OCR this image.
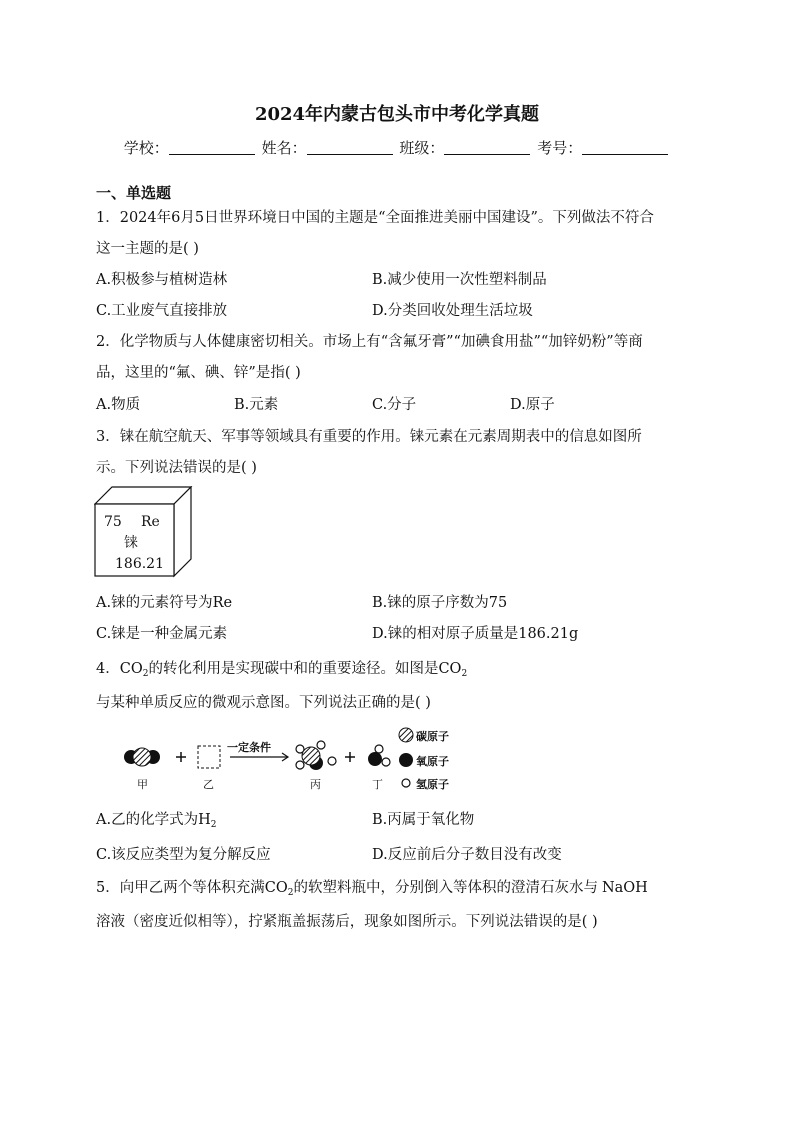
2024年内蒙古包头市中考化学真题
学校：	姓名：	班级：	考号：
一、单选题
1．2024年6月5日世界环境日中国的主题是“全面推进美丽中国建设”。下列做法不符合
这一主题的是( )
A.积极参与植树造林	B.减少使用一次性塑料制品
C.工业废气直接排放	D.分类回收处理生活垃圾
2．化学物质与人体健康密切相关。市场上有“含氟牙膏”“加碘食用盐”“加锌奶粉”等商
品，这里的“氟、碘、锌”是指( )
A.物质	B.元素	C.分子	D.原子
3．铼在航空航天、军事等领域具有重要的作用。铼元素在元素周期表中的信息如图所
示。下列说法错误的是( )
75 Re
铼
186.21
A.铼的元素符号为Re	B.铼的原子序数为75
C.铼是一种金属元素	D.铼的相对原子质量是186.21g
4．$CO_2$的转化利用是实现碳中和的重要途径。如图是$CO_2$
与某种单质反应的微观示意图。下列说法正确的是( )
一定条件
甲	乙	丙	丁
碳原子
氧原子
氢原子
A.乙的化学式为$H_2$	B.丙属于氧化物
C.该反应类型为复分解反应	D.反应前后分子数目没有改变
5．向甲乙两个等体积充满$CO_2$的软塑料瓶中，分别倒入等体积的澄清石灰水与 NaOH
溶液（密度近似相等），拧紧瓶盖振荡后，现象如图所示。下列说法错误的是( )
